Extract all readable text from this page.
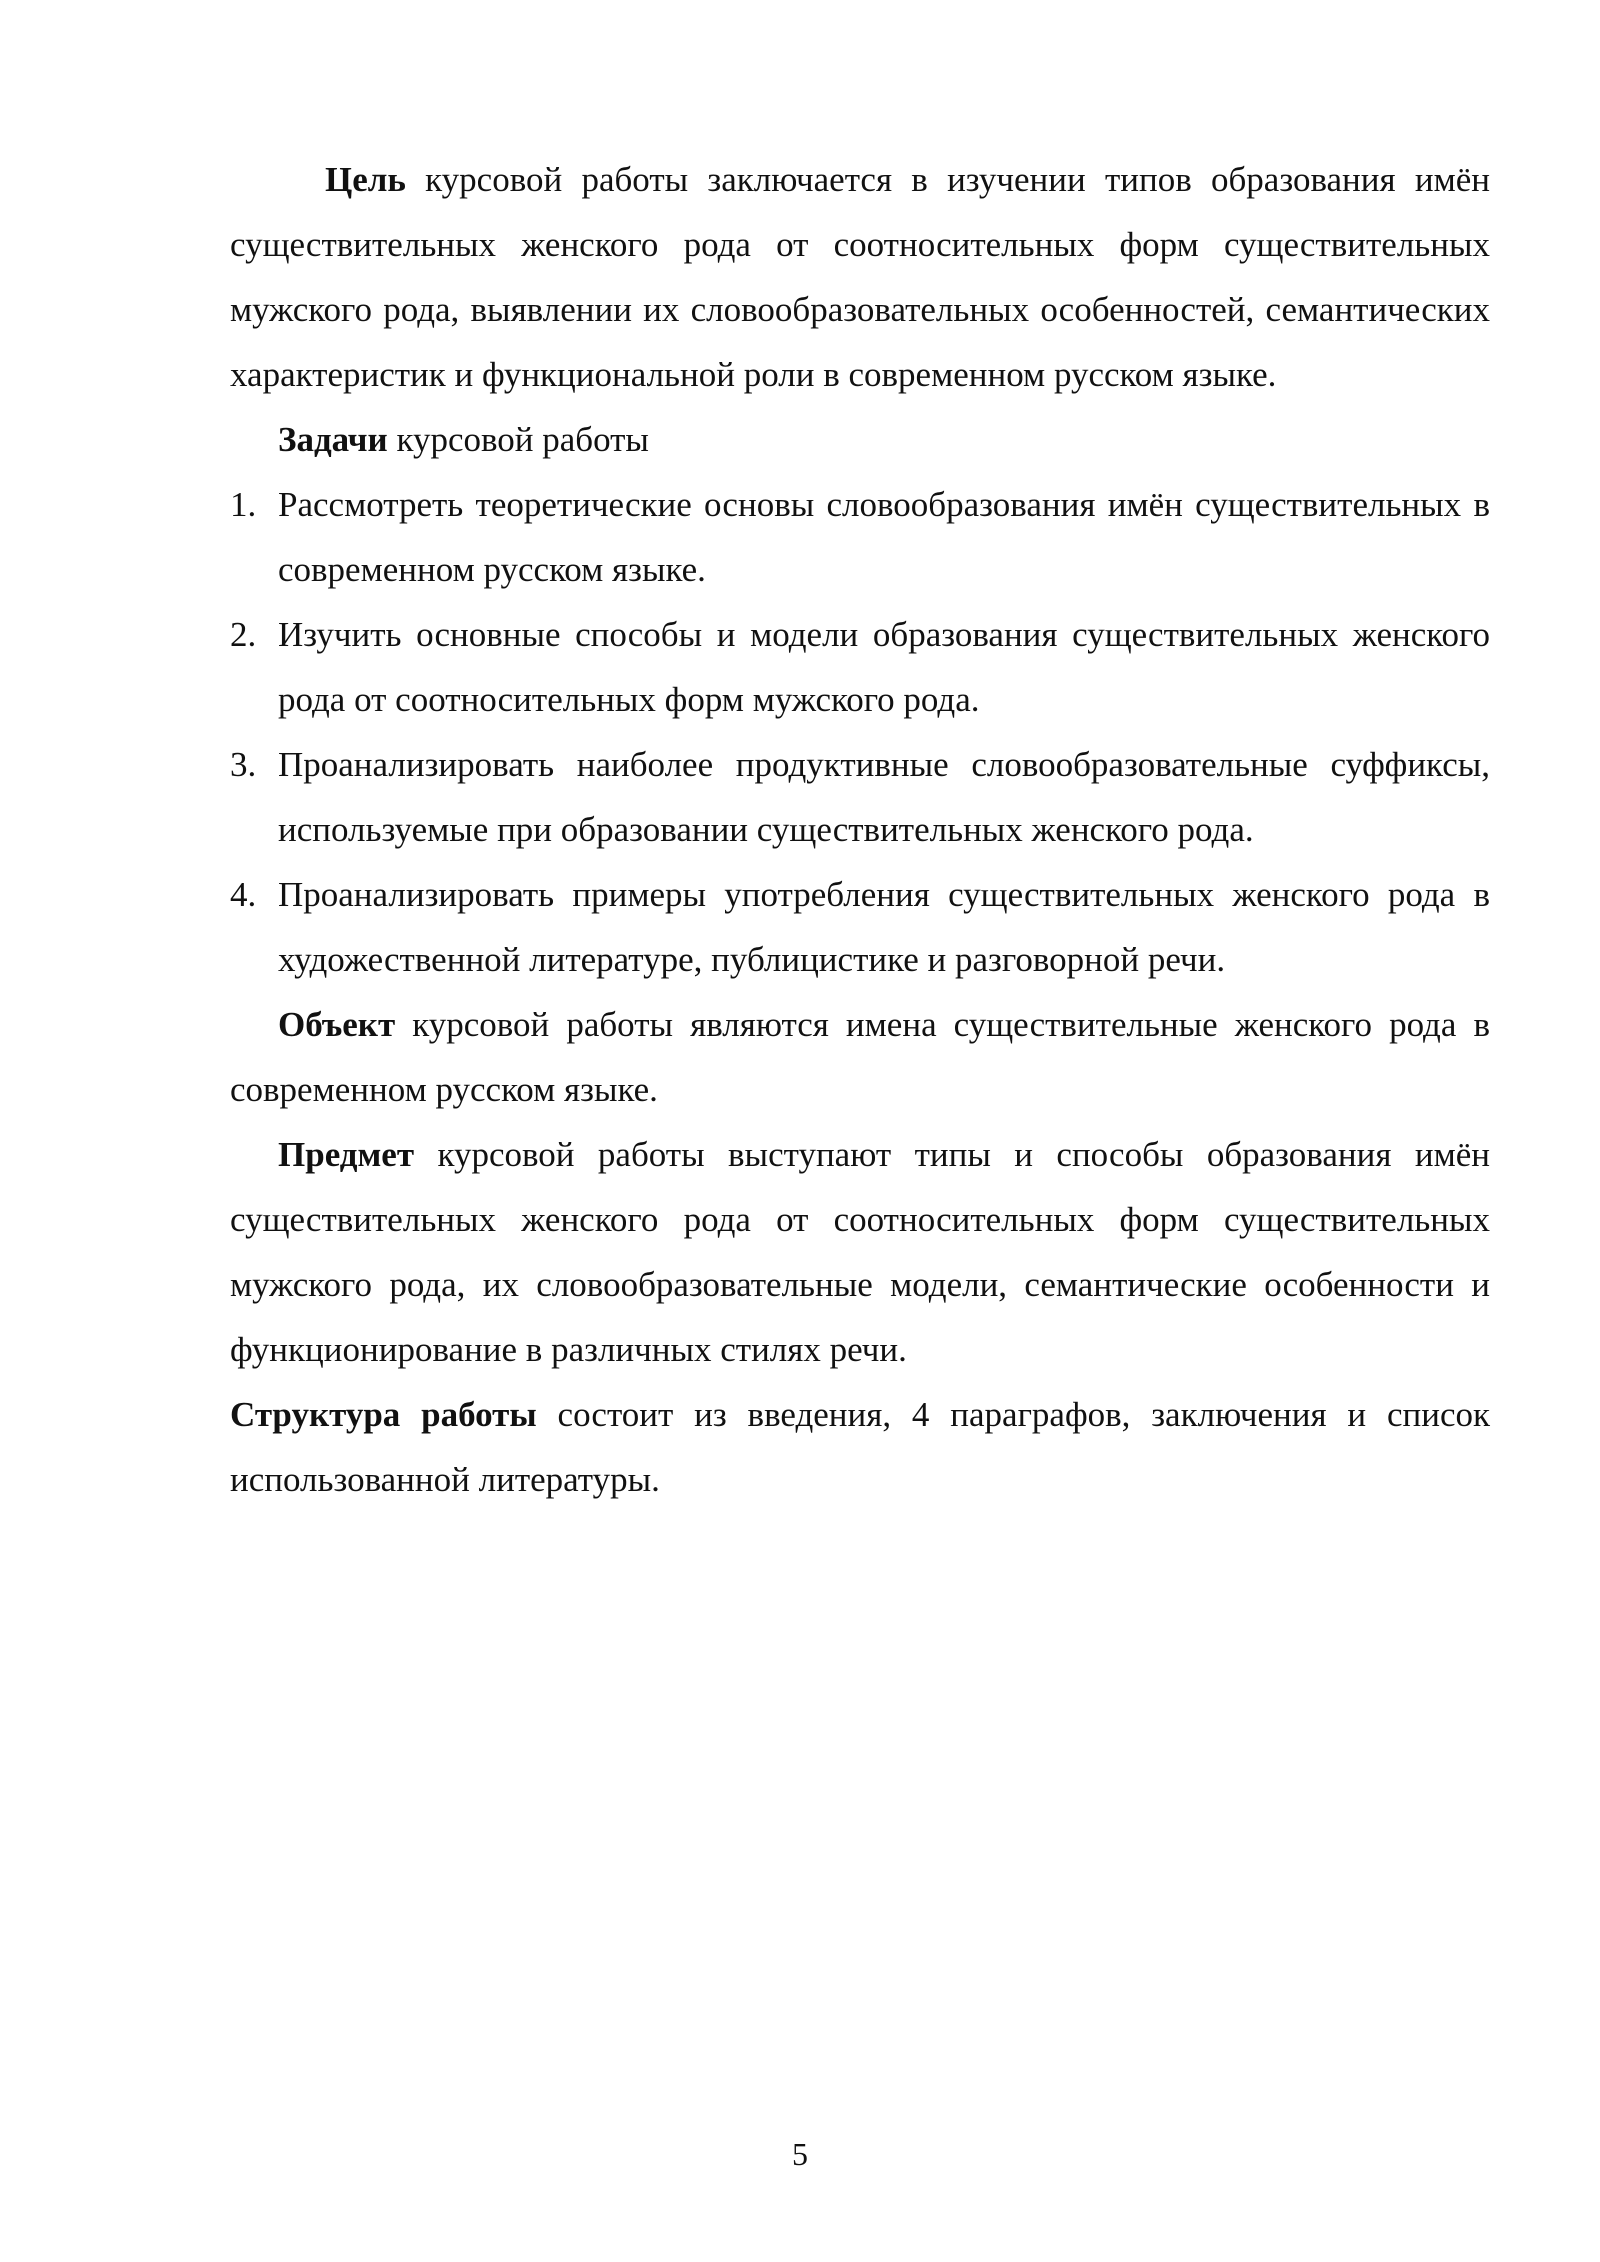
Цель курсовой работы заключается в изучении типов образования имён существительных женского рода от соотносительных форм существительных мужского рода, выявлении их словообразовательных особенностей, семантических характеристик и функциональной роли в современном русском языке.

Задачи курсовой работы

1. Рассмотреть теоретические основы словообразования имён существительных в современном русском языке.
2. Изучить основные способы и модели образования существительных женского рода от соотносительных форм мужского рода.
3. Проанализировать наиболее продуктивные словообразовательные суффиксы, используемые при образовании существительных женского рода.
4. Проанализировать примеры употребления существительных женского рода в художественной литературе, публицистике и разговорной речи.

Объект курсовой работы являются имена существительные женского рода в современном русском языке.

Предмет курсовой работы выступают типы и способы образования имён существительных женского рода от соотносительных форм существительных мужского рода, их словообразовательные модели, семантические особенности и функционирование в различных стилях речи.

Структура работы состоит из введения, 4 параграфов, заключения и список использованной литературы.

5
